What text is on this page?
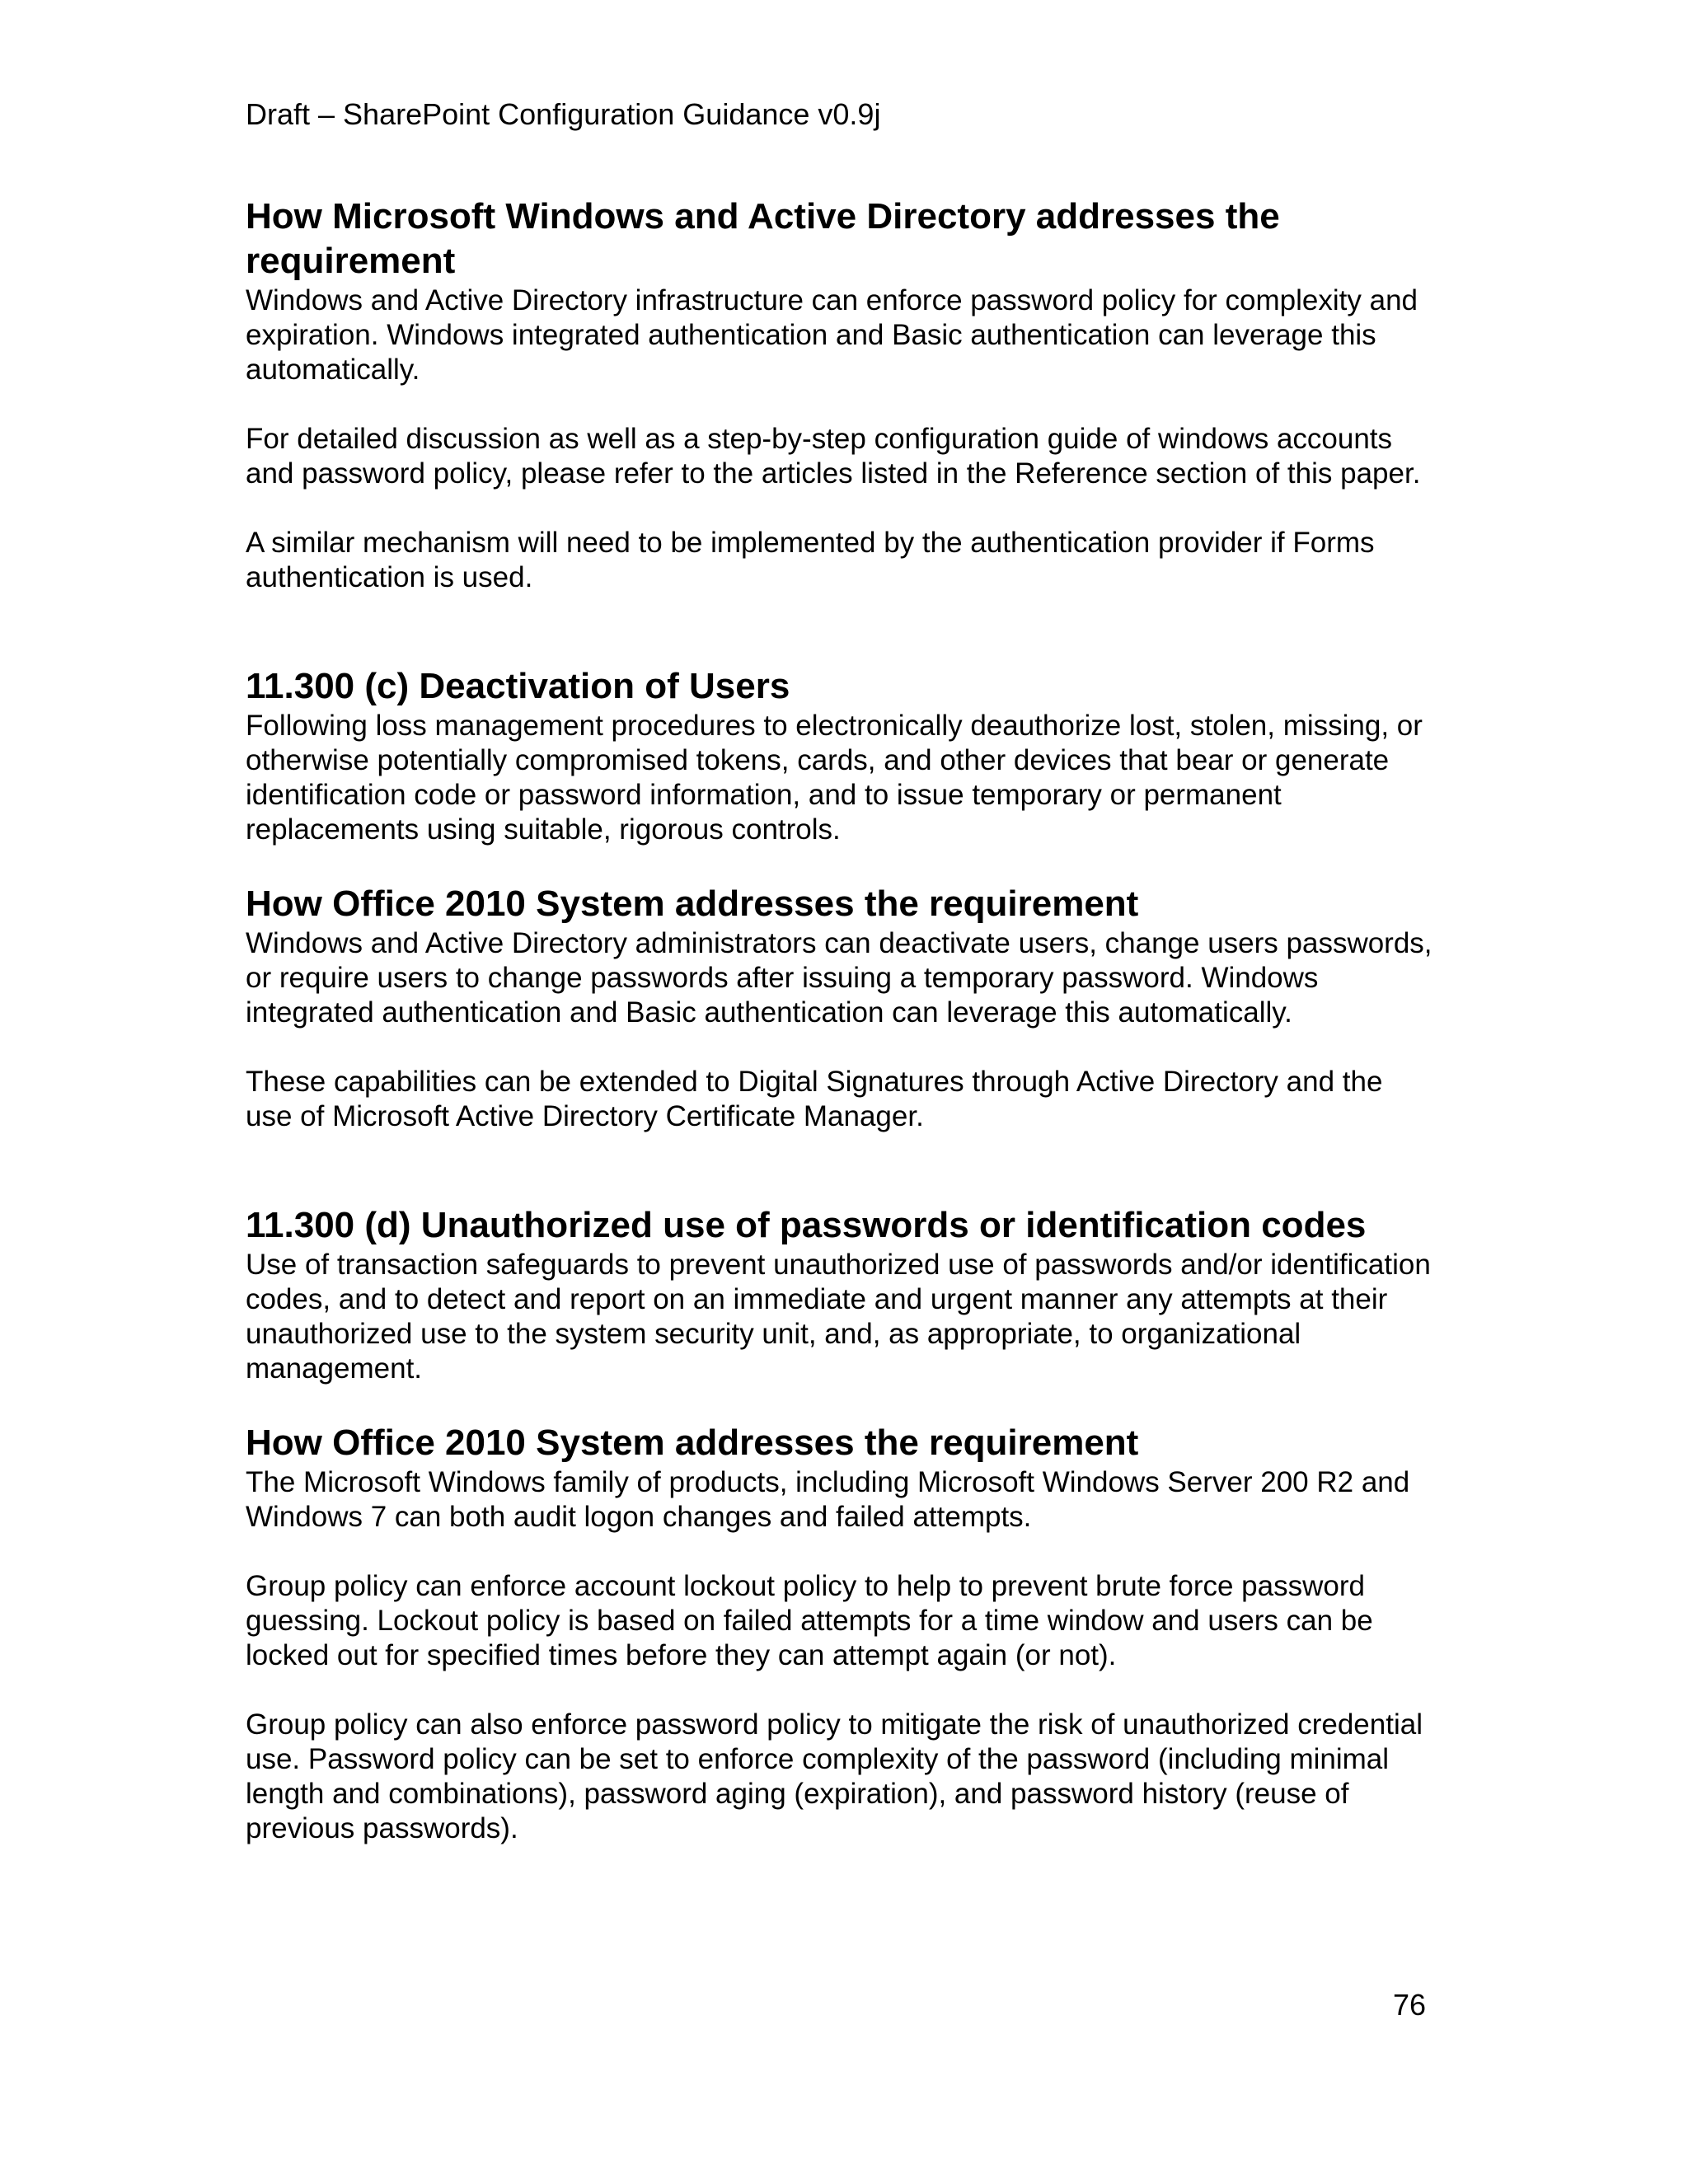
Draft – SharePoint Configuration Guidance v0.9j
How Microsoft Windows and Active Directory addresses the requirement

Windows and Active Directory infrastructure can enforce password policy for complexity and expiration. Windows integrated authentication and Basic authentication can leverage this automatically.

For detailed discussion as well as a step-by-step configuration guide of windows accounts and password policy, please refer to the articles listed in the Reference section of this paper.

A similar mechanism will need to be implemented by the authentication provider if Forms authentication is used.

11.300 (c) Deactivation of Users

Following loss management procedures to electronically deauthorize lost, stolen, missing, or otherwise potentially compromised tokens, cards, and other devices that bear or generate identification code or password information, and to issue temporary or permanent replacements using suitable, rigorous controls.

How Office 2010 System addresses the requirement

Windows and Active Directory administrators can deactivate users, change users passwords, or require users to change passwords after issuing a temporary password. Windows integrated authentication and Basic authentication can leverage this automatically.

These capabilities can be extended to Digital Signatures through Active Directory and the use of Microsoft Active Directory Certificate Manager.

11.300 (d) Unauthorized use of passwords or identification codes

Use of transaction safeguards to prevent unauthorized use of passwords and/or identification codes, and to detect and report on an immediate and urgent manner any attempts at their unauthorized use to the system security unit, and, as appropriate, to organizational management.

How Office 2010 System addresses the requirement

The Microsoft Windows family of products, including Microsoft Windows Server 200 R2 and Windows 7 can both audit logon changes and failed attempts.

Group policy can enforce account lockout policy to help to prevent brute force password guessing. Lockout policy is based on failed attempts for a time window and users can be locked out for specified times before they can attempt again (or not).

Group policy can also enforce password policy to mitigate the risk of unauthorized credential use. Password policy can be set to enforce complexity of the password (including minimal length and combinations), password aging (expiration), and password history (reuse of previous passwords).

76
